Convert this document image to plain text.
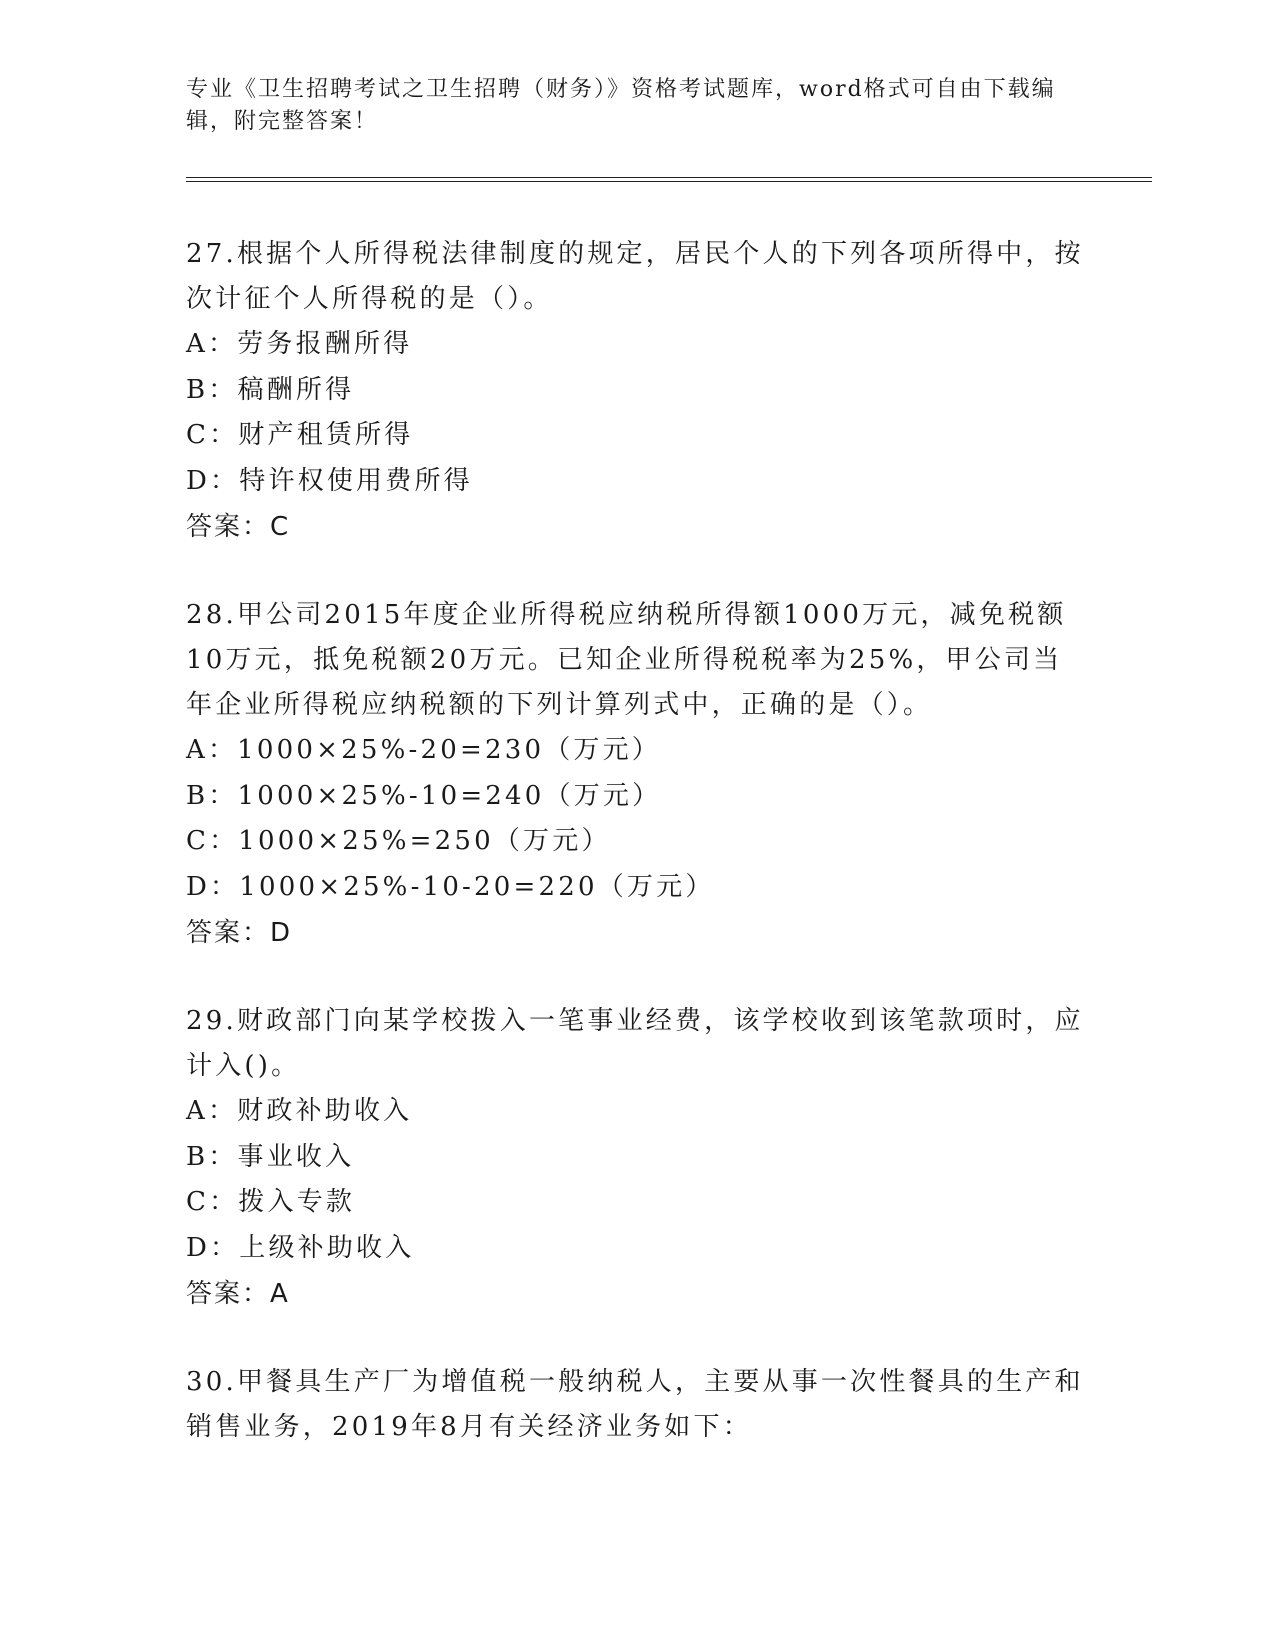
专业《卫生招聘考试之卫生招聘（财务）》资格考试题库，word格式可自由下载编辑，附完整答案！

27.根据个人所得税法律制度的规定，居民个人的下列各项所得中，按次计征个人所得税的是（）。

A：劳务报酬所得

B：稿酬所得

C：财产租赁所得

D：特许权使用费所得

答案：C

28.甲公司2015年度企业所得税应纳税所得额1000万元，减免税额10万元，抵免税额20万元。已知企业所得税税率为25%，甲公司当年企业所得税应纳税额的下列计算列式中，正确的是（）。

A：1000×25%-20=230（万元）

B：1000×25%-10=240（万元）

C：1000×25%=250（万元）

D：1000×25%-10-20=220（万元）

答案：D

29.财政部门向某学校拨入一笔事业经费，该学校收到该笔款项时，应计入()。

A：财政补助收入

B：事业收入

C：拨入专款

D：上级补助收入

答案：A

30.甲餐具生产厂为增值税一般纳税人，主要从事一次性餐具的生产和销售业务，2019年8月有关经济业务如下：
